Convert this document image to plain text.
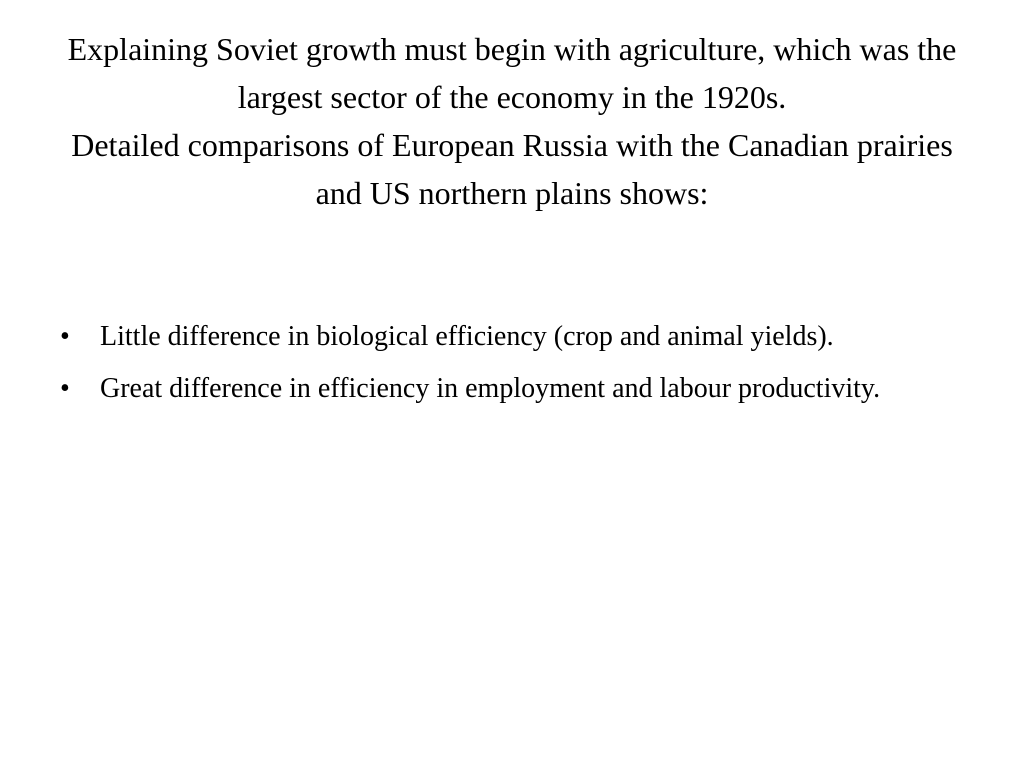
Explaining Soviet growth must begin with agriculture, which was the largest sector of the economy in the 1920s.
Detailed comparisons of European Russia with the Canadian prairies and US northern plains shows:
•	Little difference in biological efficiency (crop and animal yields).
•	Great difference in efficiency in employment and labour productivity.
